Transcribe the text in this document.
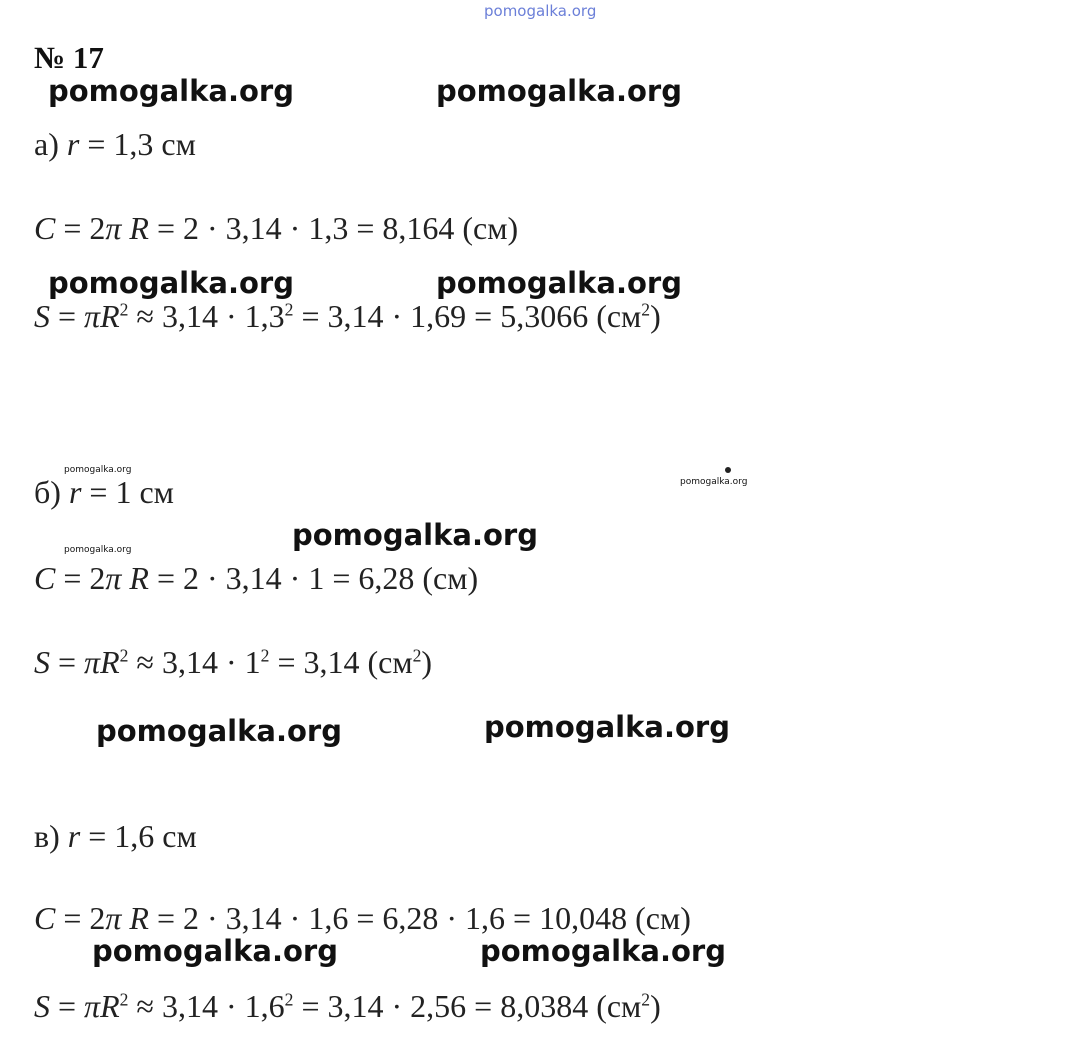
pomogalka.org
pomogalka.org	pomogalka.org
pomogalka.org	pomogalka.org
pomogalka.org
pomogalka.org
pomogalka.org
pomogalka.org
pomogalka.org	pomogalka.org
pomogalka.org	pomogalka.org
№ 17
а) r = 1,3 см
C = 2π R = 2 · 3,14 · 1,3 = 8,164 (см)
$S = \pi R^2 \approx 3,14 \cdot 1,3^2 = 3,14 \cdot 1,69 = 5,3066$ $(см^2)$
б) r = 1 см
C = 2π R = 2 · 3,14 · 1 = 6,28 (см)
$S = \pi R^2 \approx 3,14 \cdot 1^2 = 3,14$ $(см^2)$
в) r = 1,6 см
C = 2π R = 2 · 3,14 · 1,6 = 6,28 · 1,6 = 10,048 (см)
$S = \pi R^2 \approx 3,14 \cdot 1,6^2 = 3,14 \cdot 2,56 = 8,0384$ $(см^2)$
